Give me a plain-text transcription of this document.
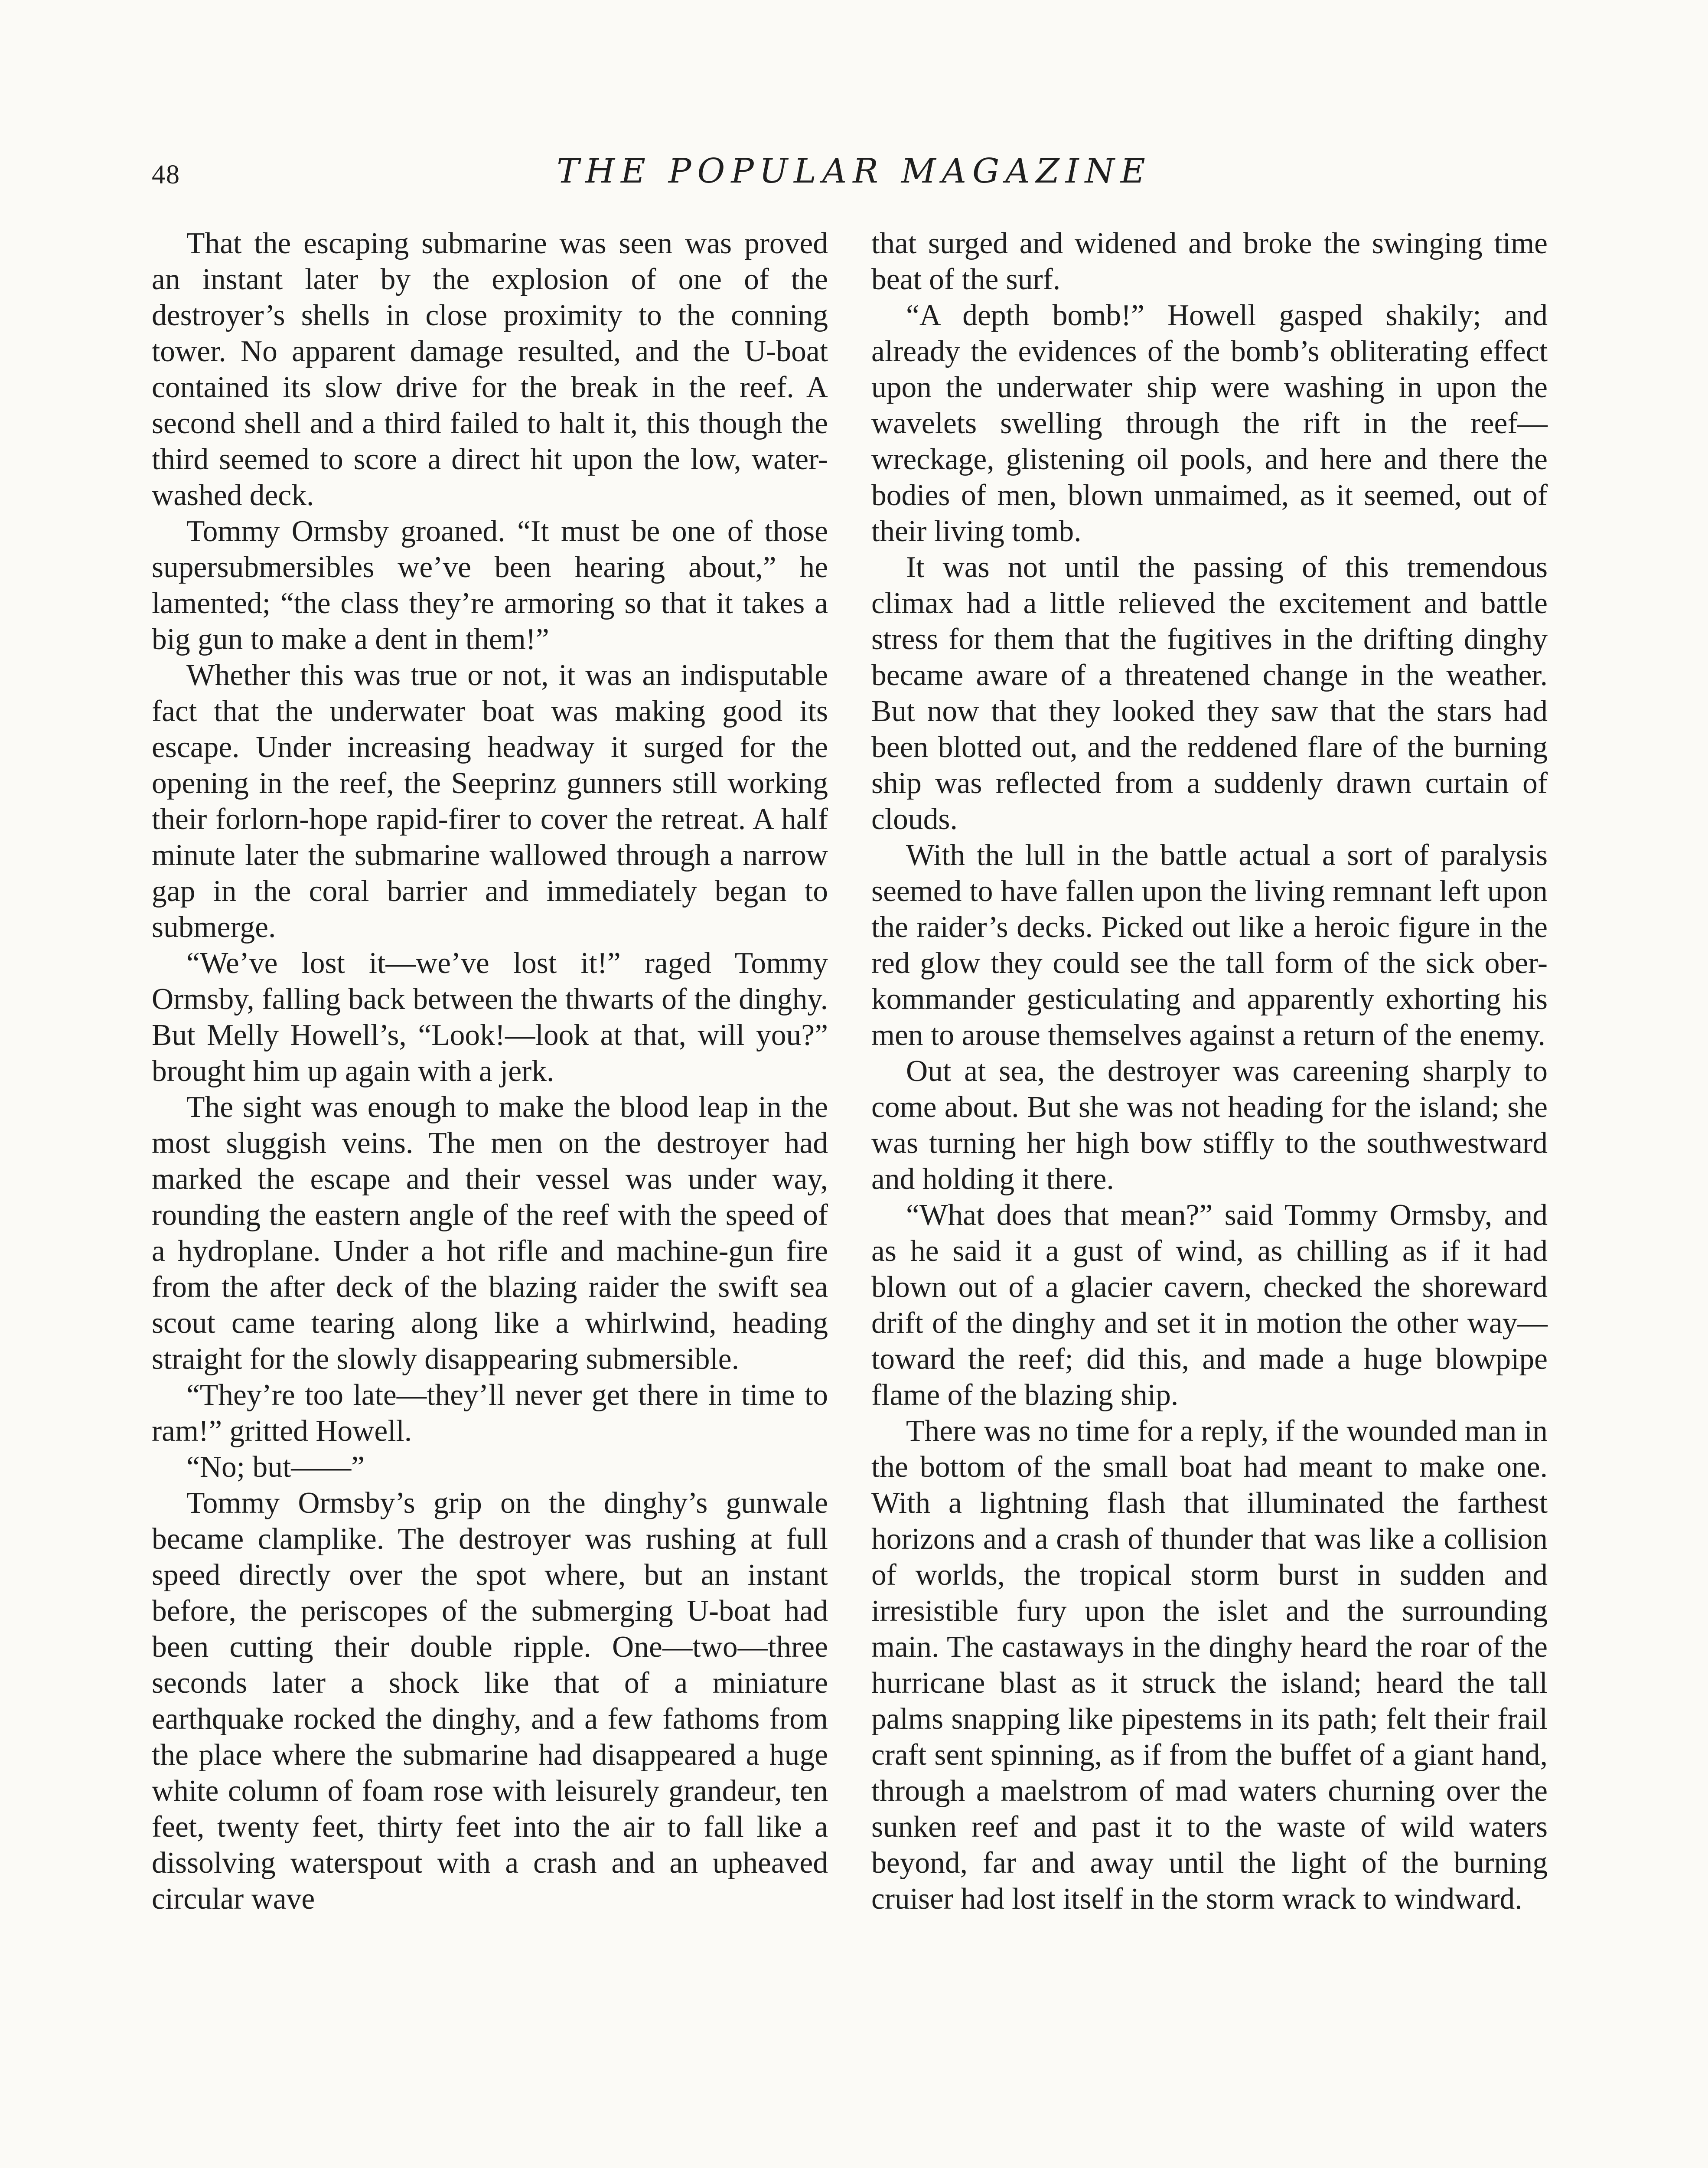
48	THE POPULAR MAGAZINE

That the escaping submarine was seen was proved an instant later by the explosion of one of the destroyer’s shells in close proximity to the conning tower. No apparent damage resulted, and the U-boat contained its slow drive for the break in the reef. A second shell and a third failed to halt it, this though the third seemed to score a direct hit upon the low, water-washed deck.

Tommy Ormsby groaned. “It must be one of those supersubmersibles we’ve been hearing about,” he lamented; “the class they’re armoring so that it takes a big gun to make a dent in them!”

Whether this was true or not, it was an indisputable fact that the underwater boat was making good its escape. Under increasing headway it surged for the opening in the reef, the Seeprinz gunners still working their forlorn-hope rapid-firer to cover the retreat. A half minute later the submarine wallowed through a narrow gap in the coral barrier and immediately began to submerge.

“We’ve lost it—we’ve lost it!” raged Tommy Ormsby, falling back between the thwarts of the dinghy. But Melly Howell’s, “Look!—look at that, will you?” brought him up again with a jerk.

The sight was enough to make the blood leap in the most sluggish veins. The men on the destroyer had marked the escape and their vessel was under way, rounding the eastern angle of the reef with the speed of a hydroplane. Under a hot rifle and machine-gun fire from the after deck of the blazing raider the swift sea scout came tearing along like a whirlwind, heading straight for the slowly disappearing submersible.

“They’re too late—they’ll never get there in time to ram!” gritted Howell.

“No; but——”

Tommy Ormsby’s grip on the dinghy’s gunwale became clamplike. The destroyer was rushing at full speed directly over the spot where, but an instant before, the periscopes of the submerging U-boat had been cutting their double ripple. One—two—three seconds later a shock like that of a miniature earthquake rocked the dinghy, and a few fathoms from the place where the submarine had disappeared a huge white column of foam rose with leisurely grandeur, ten feet, twenty feet, thirty feet into the air to fall like a dissolving waterspout with a crash and an upheaved circular wave

that surged and widened and broke the swinging time beat of the surf.

“A depth bomb!” Howell gasped shakily; and already the evidences of the bomb’s obliterating effect upon the underwater ship were washing in upon the wavelets swelling through the rift in the reef—wreckage, glistening oil pools, and here and there the bodies of men, blown unmaimed, as it seemed, out of their living tomb.

It was not until the passing of this tremendous climax had a little relieved the excitement and battle stress for them that the fugitives in the drifting dinghy became aware of a threatened change in the weather. But now that they looked they saw that the stars had been blotted out, and the reddened flare of the burning ship was reflected from a suddenly drawn curtain of clouds.

With the lull in the battle actual a sort of paralysis seemed to have fallen upon the living remnant left upon the raider’s decks. Picked out like a heroic figure in the red glow they could see the tall form of the sick ober-kommander gesticulating and apparently exhorting his men to arouse themselves against a return of the enemy.

Out at sea, the destroyer was careening sharply to come about. But she was not heading for the island; she was turning her high bow stiffly to the southwestward and holding it there.

“What does that mean?” said Tommy Ormsby, and as he said it a gust of wind, as chilling as if it had blown out of a glacier cavern, checked the shoreward drift of the dinghy and set it in motion the other way—toward the reef; did this, and made a huge blowpipe flame of the blazing ship.

There was no time for a reply, if the wounded man in the bottom of the small boat had meant to make one. With a lightning flash that illuminated the farthest horizons and a crash of thunder that was like a collision of worlds, the tropical storm burst in sudden and irresistible fury upon the islet and the surrounding main. The castaways in the dinghy heard the roar of the hurricane blast as it struck the island; heard the tall palms snapping like pipestems in its path; felt their frail craft sent spinning, as if from the buffet of a giant hand, through a maelstrom of mad waters churning over the sunken reef and past it to the waste of wild waters beyond, far and away until the light of the burning cruiser had lost itself in the storm wrack to windward.
